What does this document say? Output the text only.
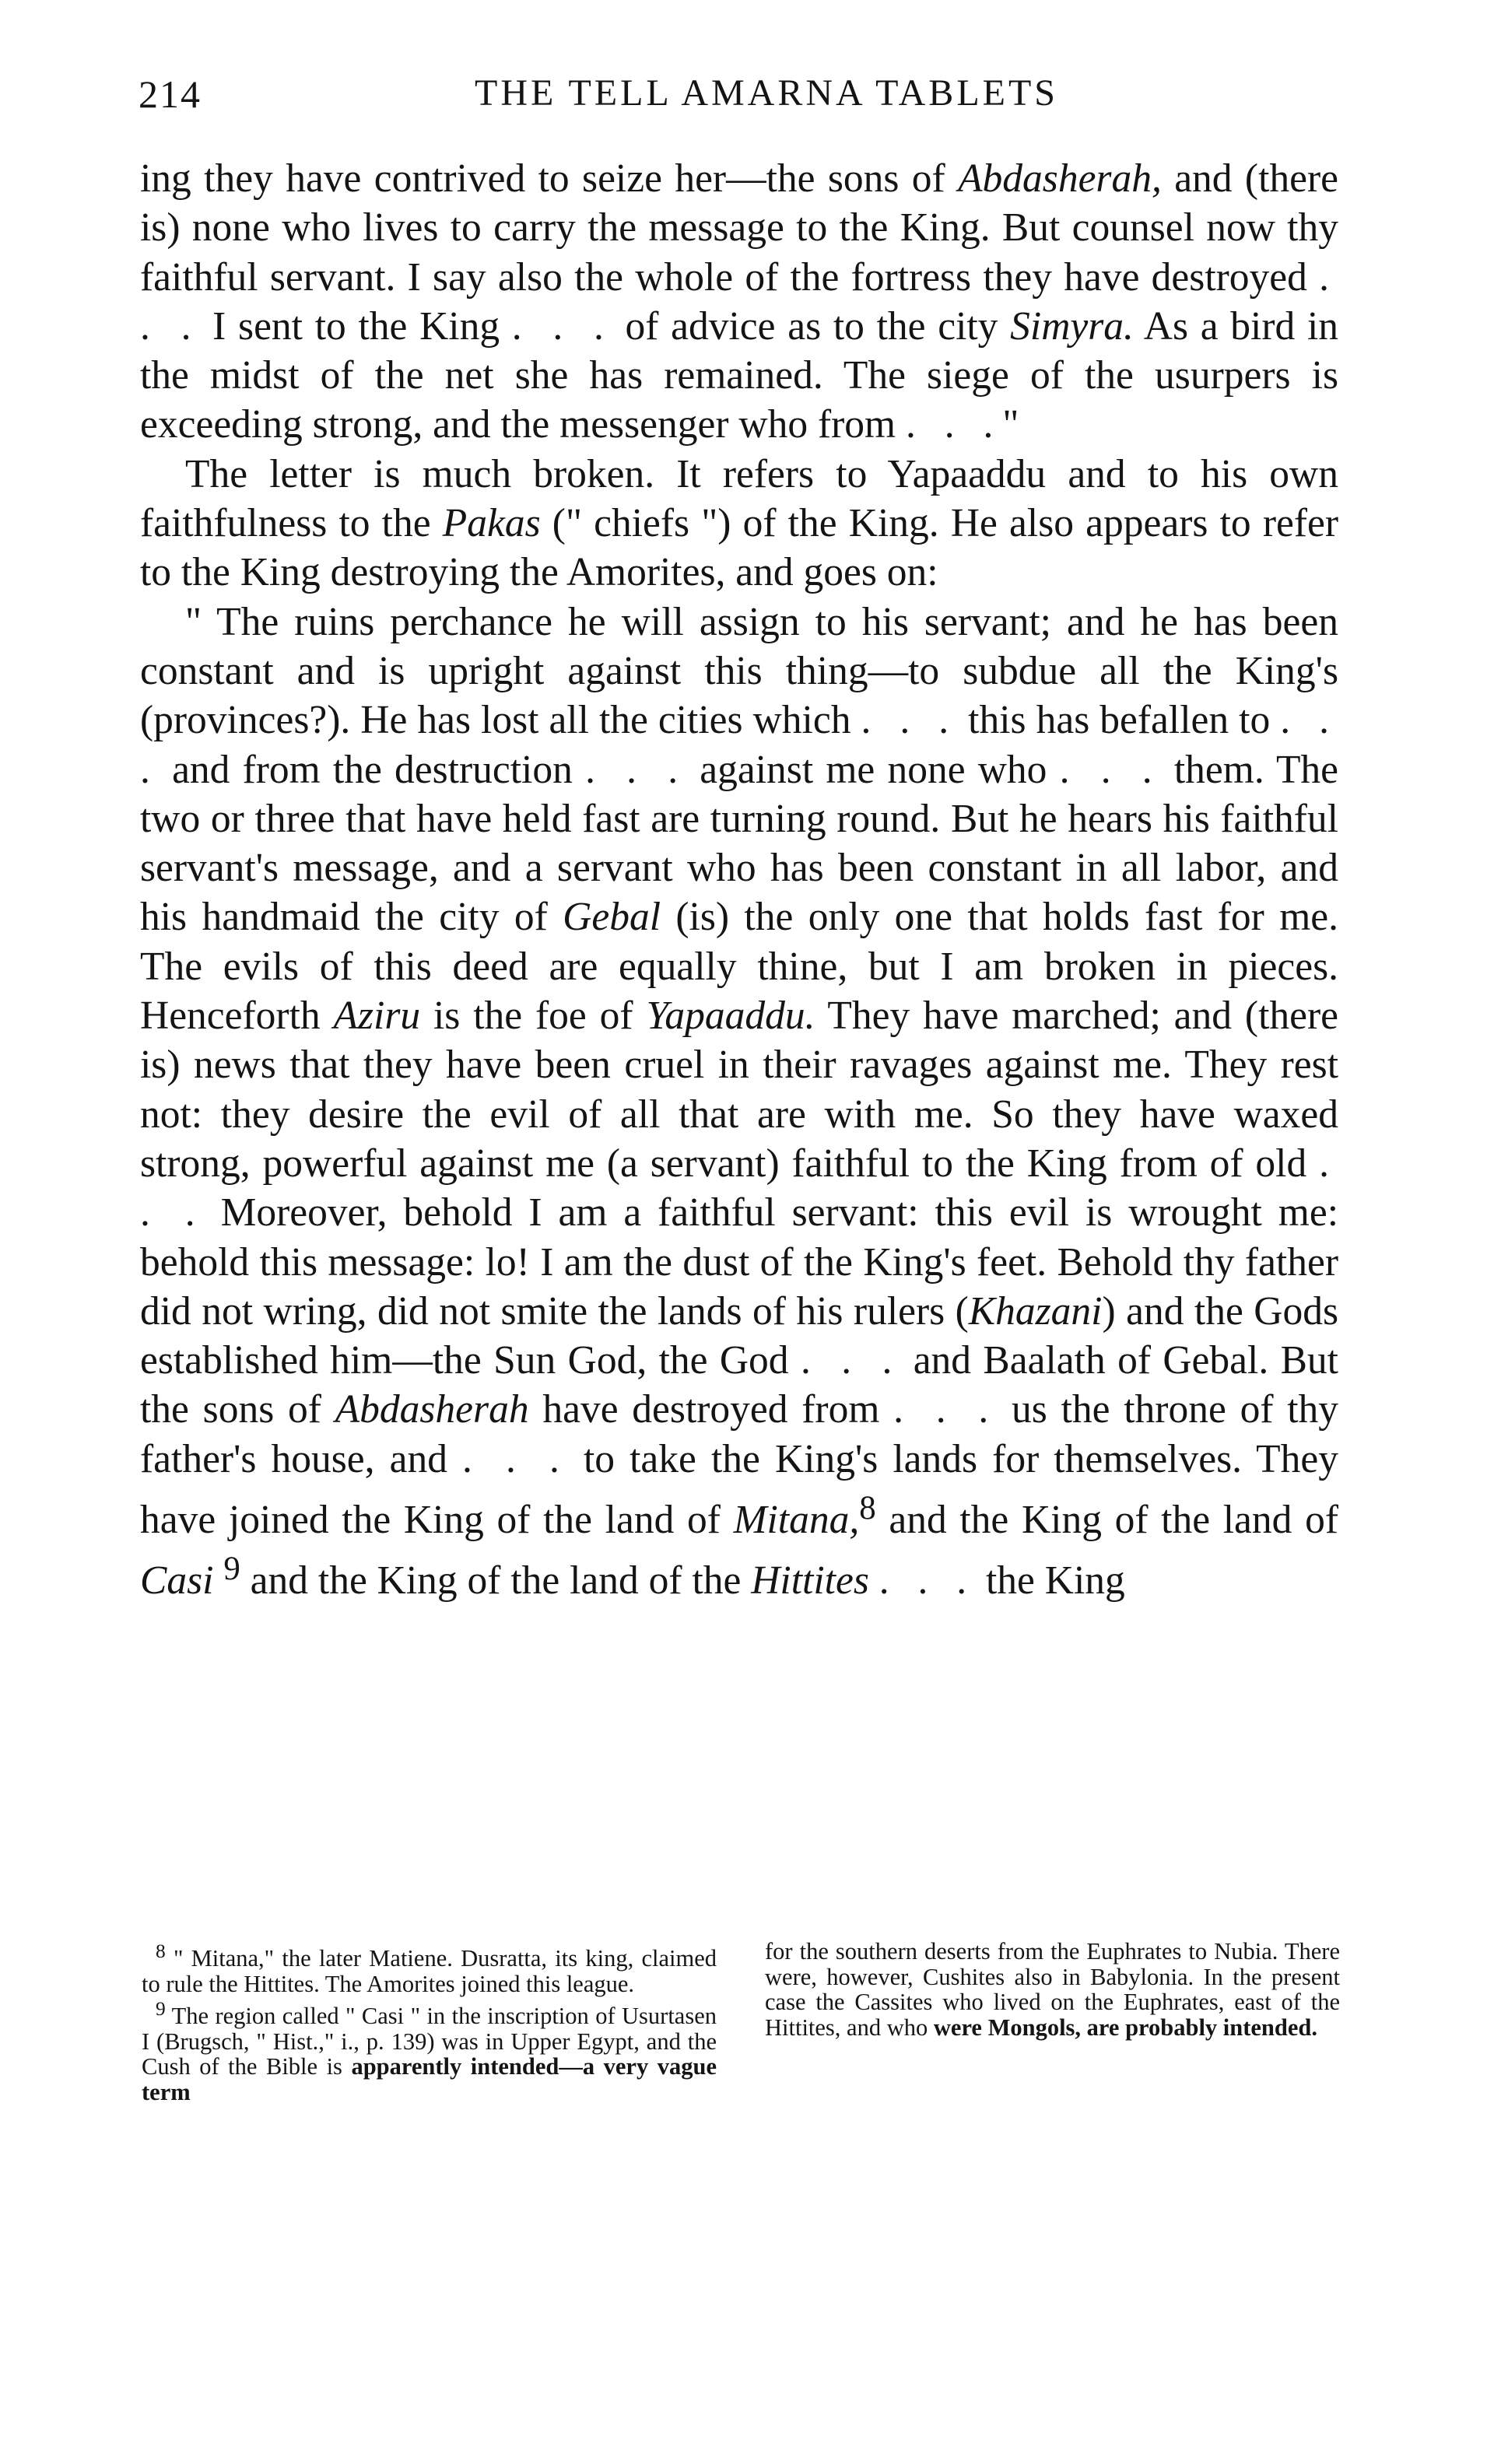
214	THE TELL AMARNA TABLETS

ing they have contrived to seize her—the sons of Abdasherah, and (there is) none who lives to carry the message to the King. But counsel now thy faithful servant. I say also the whole of the fortress they have destroyed . . . I sent to the King . . . of advice as to the city Simyra. As a bird in the midst of the net she has remained. The siege of the usurpers is exceeding strong, and the messenger who from . . ."

The letter is much broken. It refers to Yapaaddu and to his own faithfulness to the Pakas (" chiefs ") of the King. He also appears to refer to the King destroying the Amorites, and goes on:

" The ruins perchance he will assign to his servant; and he has been constant and is upright against this thing—to subdue all the King's (provinces?). He has lost all the cities which . . . this has befallen to . . . and from the destruction . . . against me none who . . . them. The two or three that have held fast are turning round. But he hears his faithful servant's message, and a servant who has been constant in all labor, and his handmaid the city of Gebal (is) the only one that holds fast for me. The evils of this deed are equally thine, but I am broken in pieces. Henceforth Aziru is the foe of Yapaaddu. They have marched; and (there is) news that they have been cruel in their ravages against me. They rest not: they desire the evil of all that are with me. So they have waxed strong, powerful against me (a servant) faithful to the King from of old . . . Moreover, behold I am a faithful servant: this evil is wrought me: behold this message: lo! I am the dust of the King's feet. Behold thy father did not wring, did not smite the lands of his rulers (Khazani) and the Gods established him—the Sun God, the God . . . and Baalath of Gebal. But the sons of Abdasherah have destroyed from . . . us the throne of thy father's house, and . . . to take the King's lands for themselves. They have joined the King of the land of Mitana,$^8$ and the King of the land of Casi $^9$ and the King of the land of the Hittites . . . the King

$^8$ " Mitana," the later Matiene. Dusratta, its king, claimed to rule the Hittites. The Amorites joined this league.

$^9$ The region called " Casi " in the inscription of Usurtasen I (Brugsch, " Hist.," i., p. 139) was in Upper Egypt, and the Cush of the Bible is apparently intended—a very vague term

for the southern deserts from the Euphrates to Nubia. There were, however, Cushites also in Babylonia. In the present case the Cassites who lived on the Euphrates, east of the Hittites, and who were Mongols, are probably intended.
